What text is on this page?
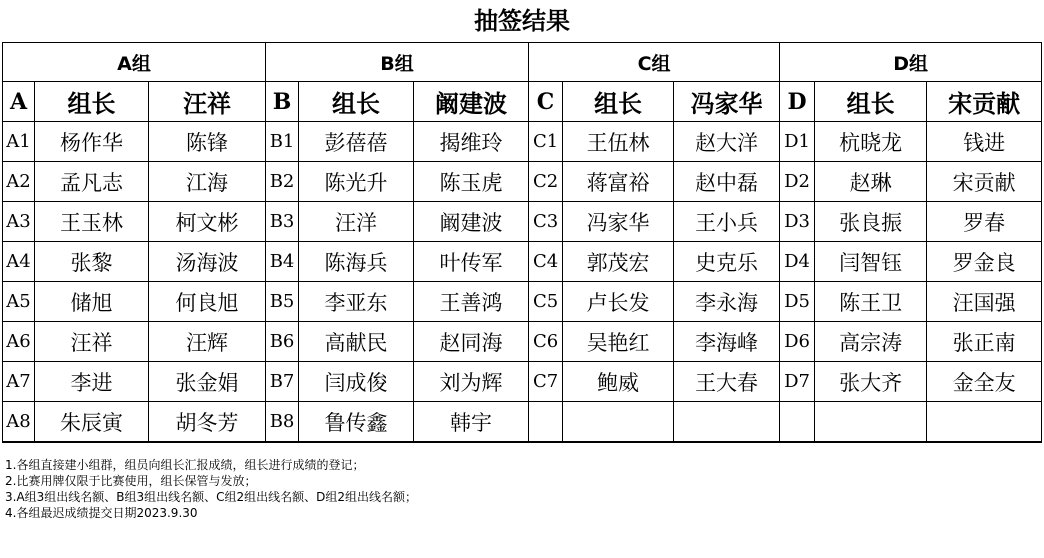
抽签结果
A组			B组			C组			D组		
A	组长	汪祥	B	组长	阚建波	C	组长	冯家华	D	组长	宋贡献
A1	杨作华	陈锋	B1	彭蓓蓓	揭维玲	C1	王伍林	赵大洋	D1	杭晓龙	钱进
A2	孟凡志	江海	B2	陈光升	陈玉虎	C2	蒋富裕	赵中磊	D2	赵琳	宋贡献
A3	王玉林	柯文彬	B3	汪洋	阚建波	C3	冯家华	王小兵	D3	张良振	罗春
A4	张黎	汤海波	B4	陈海兵	叶传军	C4	郭茂宏	史克乐	D4	闫智钰	罗金良
A5	储旭	何良旭	B5	李亚东	王善鸿	C5	卢长发	李永海	D5	陈王卫	汪国强
A6	汪祥	汪辉	B6	高献民	赵同海	C6	吴艳红	李海峰	D6	高宗涛	张正南
A7	李进	张金娟	B7	闫成俊	刘为辉	C7	鲍威	王大春	D7	张大齐	金全友
A8	朱辰寅	胡冬芳	B8	鲁传鑫	韩宇						
1.各组直接建小组群，组员向组长汇报成绩，组长进行成绩的登记；
2.比赛用牌仅限于比赛使用，组长保管与发放；
3.A组3组出线名额、B组3组出线名额、C组2组出线名额、D组2组出线名额；
4.各组最迟成绩提交日期2023.9.30
